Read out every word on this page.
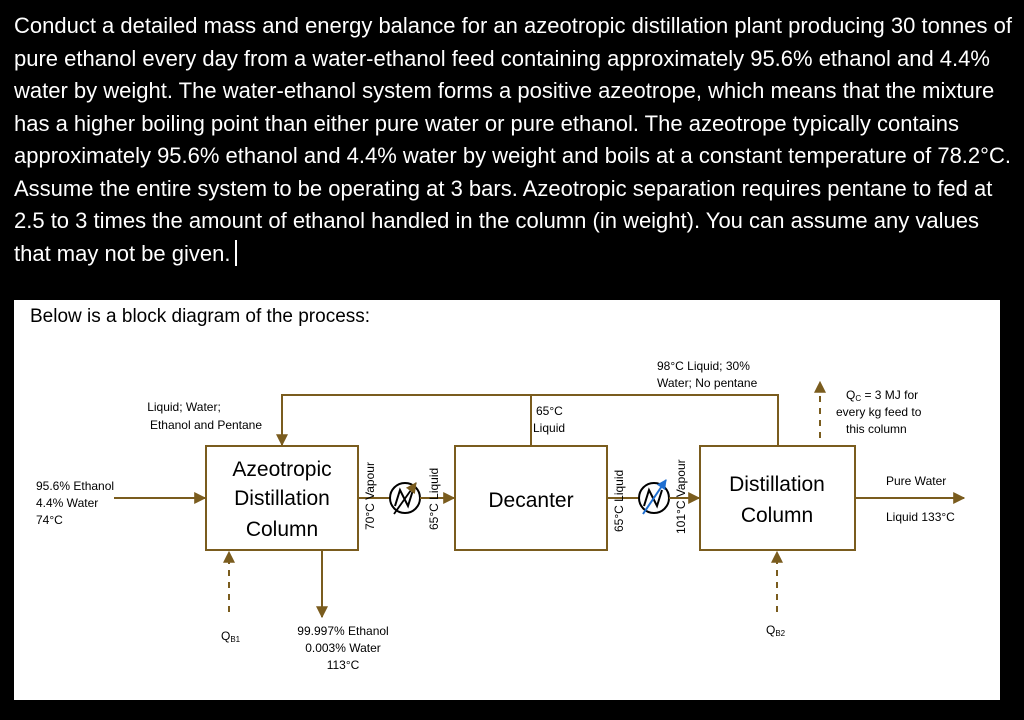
Conduct a detailed mass and energy balance for an azeotropic distillation plant producing 30 tonnes of pure ethanol every day from a water-ethanol feed containing approximately 95.6% ethanol and 4.4% water by weight. The water-ethanol system forms a positive azeotrope, which means that the mixture has a higher boiling point than either pure water or pure ethanol. The azeotrope typically contains approximately 95.6% ethanol and 4.4% water by weight and boils at a constant temperature of 78.2°C. Assume the entire system to be operating at 3 bars. Azeotropic separation requires pentane to fed at 2.5 to 3 times the amount of ethanol handled in the column (in weight). You can assume any values that may not be given.

Below is a block diagram of the process:
Azeotropic
Distillation
Column
Decanter
Distillation
Column
95.6% Ethanol
4.4% Water
74°C
Liquid; Water;
Ethanol and Pentane
98°C Liquid; 30%
Water; No pentane
65°C
Liquid
70°C Vapour	65°C Liquid	65°C Liquid	101°C Vapour
99.997% Ethanol
0.003% Water
113°C
QB1
QB2
QC = 3 MJ for
every kg feed to
this column
Pure Water
Liquid 133°C
